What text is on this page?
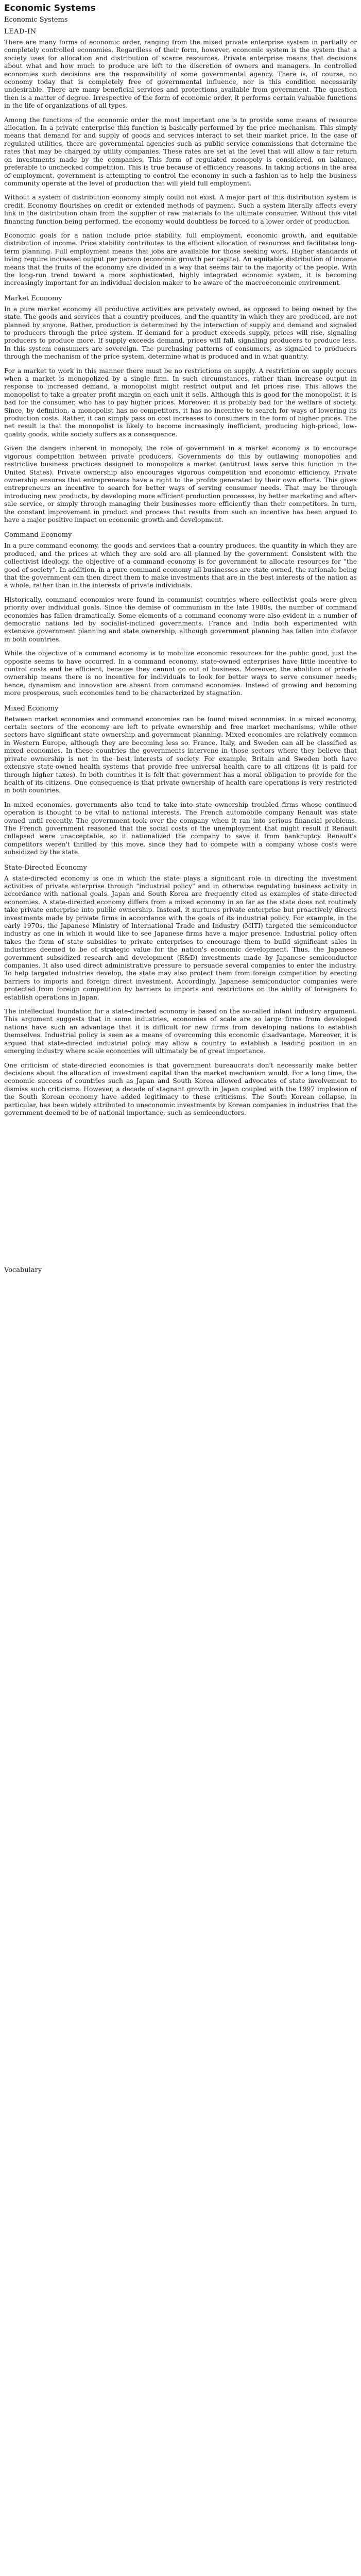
Economic Systems
Economic Systems
LEAD-IN

There are many forms of economic order, ranging from the mixed private enterprise system in partially or completely controlled economies. Regardless of their form, however, economic system is the system that a society uses for allocation and distribution of scarce resources. Private enterprise means that decisions about what and how much to produce are left to the discretion of owners and managers. In controlled economies such decisions are the responsibility of some governmental agency. There is, of course, no economy today that is completely free of governmental influence, nor is this condition necessarily undesirable. There are many beneficial services and protections available from government. The question then is a matter of degree. Irrespective of the form of economic order, it performs certain valuable functions in the life of organizations of all types.

Among the functions of the economic order the most important one is to provide some means of resource allocation. In a private enterprise this function is basically performed by the price mechanism. This simply means that demand for and supply of goods and services interact to set their market price. In the case of regulated utilities, there are governmental agencies such as public service commissions that determine the rates that may be charged by utility companies. These rates are set at the level that will allow a fair return on investments made by the companies. This form of regulated monopoly is considered, on balance, preferable to unchecked competition. This is true because of efficiency reasons. In taking actions in the area of employment, government is attempting to control the economy in such a fashion as to help the business community operate at the level of production that will yield full employment.

Without a system of distribution economy simply could not exist. A major part of this distribution system is credit. Economy flourishes on credit or extended methods of payment. Such a system literally affects every link in the distribution chain from the supplier of raw materials to the ultimate consumer. Without this vital financing function being performed, the economy would doubtless be forced to a lower order of production.

Economic goals for a nation include price stability, full employment, economic growth, and equitable distribution of income. Price stability contributes to the efficient allocation of resources and facilitates long-term planning. Full employment means that jobs are available for those seeking work. Higher standards of living require increased output per person (economic growth per capita). An equitable distribution of income means that the fruits of the economy are divided in a way that seems fair to the majority of the people. With the long-run trend toward a more sophisticated, highly integrated economic system, it is becoming increasingly important for an individual decision maker to be aware of the macroeconomic environment.

Market Economy

In a pure market economy all productive activities are privately owned, as opposed to being owned by the state. The goods and services that a country produces, and the quantity in which they are produced, are not planned by anyone. Rather, production is determined by the interaction of supply and demand and signaled to producers through the price system. If demand for a product exceeds supply, prices will rise, signaling producers to produce more. If supply exceeds demand, prices will fall, signaling producers to produce less. In this system consumers are sovereign. The purchasing patterns of consumers, as signaled to producers through the mechanism of the price system, determine what is produced and in what quantity.

For a market to work in this manner there must be no restrictions on supply. A restriction on supply occurs when a market is monopolized by a single firm. In such circumstances, rather than increase output in response to increased demand, a monopolist might restrict output and let prices rise. This allows the monopolist to take a greater profit margin on each unit it sells. Although this is good for the monopolist, it is bad for the consumer, who has to pay higher prices. Moreover, it is probably bad for the welfare of society. Since, by definition, a monopolist has no competitors, it has no incentive to search for ways of lowering its production costs. Rather, it can simply pass on cost increases to consumers in the form of higher prices. The net result is that the monopolist is likely to become increasingly inefficient, producing high-priced, low-quality goods, while society suffers as a consequence.

Given the dangers inherent in monopoly, the role of government in a market economy is to encourage vigorous competition between private producers. Governments do this by outlawing monopolies and restrictive business practices designed to monopolize a market (antitrust laws serve this function in the United States). Private ownership also encourages vigorous competition and economic efficiency. Private ownership ensures that entrepreneurs have a right to the profits generated by their own efforts. This gives entrepreneurs an incentive to search for better ways of serving consumer needs. That may be through introducing new products, by developing more efficient production processes, by better marketing and after-sale service, or simply through managing their businesses more efficiently than their competitors. In turn, the constant improvement in product and process that results from such an incentive has been argued to have a major positive impact on economic growth and development.

Command Economy

In a pure command economy, the goods and services that a country produces, the quantity in which they are produced, and the prices at which they are sold are all planned by the government. Consistent with the collectivist ideology, the objective of a command economy is for government to allocate resources for "the good of society". In addition, in a pure command economy all businesses are state owned, the rationale being that the government can then direct them to make investments that are in the best interests of the nation as a whole, rather than in the interests of private individuals.

Historically, command economies were found in communist countries where collectivist goals were given priority over individual goals. Since the demise of communism in the late 1980s, the number of command economies has fallen dramatically. Some elements of a command economy were also evident in a number of democratic nations led by socialist-inclined governments. France and India both experimented with extensive government planning and state ownership, although government planning has fallen into disfavor in both countries.

While the objective of a command economy is to mobilize economic resources for the public good, just the opposite seems to have occurred. In a command economy, state-owned enterprises have little incentive to control costs and be efficient, because they cannot go out of business. Moreover, the abolition of private ownership means there is no incentive for individuals to look for better ways to serve consumer needs; hence, dynamism and innovation are absent from command economies. Instead of growing and becoming more prosperous, such economies tend to be characterized by stagnation.

Mixed Economy

Between market economies and command economies can be found mixed economies. In a mixed economy, certain sectors of the economy are left to private ownership and free market mechanisms, while other sectors have significant state ownership and government planning. Mixed economies are relatively common in Western Europe, although they are becoming less so. France, Italy, and Sweden can all be classified as mixed economies. In these countries the governments intervene in those sectors where they believe that private ownership is not in the best interests of society. For example, Britain and Sweden both have extensive state-owned health systems that provide free universal health care to all citizens (it is paid for through higher taxes). In both countries it is felt that government has a moral obligation to provide for the health of its citizens. One consequence is that private ownership of health care operations is very restricted in both countries.

In mixed economies, governments also tend to take into state ownership troubled firms whose continued operation is thought to be vital to national interests. The French automobile company Renault was state owned until recently. The government took over the company when it ran into serious financial problems. The French government reasoned that the social costs of the unemployment that might result if Renault collapsed were unacceptable, so it nationalized the company to save it from bankruptcy. Renault's competitors weren't thrilled by this move, since they had to compete with a company whose costs were subsidized by the state.

State-Directed Economy

A state-directed economy is one in which the state plays a significant role in directing the investment activities of private enterprise through "industrial policy" and in otherwise regulating business activity in accordance with national goals. Japan and South Korea are frequently cited as examples of state-directed economies. A state-directed economy differs from a mixed economy in so far as the state does not routinely take private enterprise into public ownership. Instead, it nurtures private enterprise but proactively directs investments made by private firms in accordance with the goals of its industrial policy. For example, in the early 1970s, the Japanese Ministry of International Trade and Industry (MITI) targeted the semiconductor industry as one in which it would like to see Japanese firms have a major presence. Industrial policy often takes the form of state subsidies to private enterprises to encourage them to build significant sales in industries deemed to be of strategic value for the nation's economic development. Thus, the Japanese government subsidized research and development (R&D) investments made by Japanese semiconductor companies. It also used direct administrative pressure to persuade several companies to enter the industry. To help targeted industries develop, the state may also protect them from foreign competition by erecting barriers to imports and foreign direct investment. Accordingly, Japanese semiconductor companies were protected from foreign competition by barriers to imports and restrictions on the ability of foreigners to establish operations in Japan.

The intellectual foundation for a state-directed economy is based on the so-called infant industry argument. This argument suggests that in some industries, economies of scale are so large firms from developed nations have such an advantage that it is difficult for new firms from developing nations to establish themselves. Industrial policy is seen as a means of overcoming this economic disadvantage. Moreover, it is argued that state-directed industrial policy may allow a country to establish a leading position in an emerging industry where scale economies will ultimately be of great importance.

One criticism of state-directed economies is that government bureaucrats don't necessarily make better decisions about the allocation of investment capital than the market mechanism would. For a long time, the economic success of countries such as Japan and South Korea allowed advocates of state involvement to dismiss such criticisms. However, a decade of stagnant growth in Japan coupled with the 1997 implosion of the South Korean economy have added legitimacy to these criticisms. The South Korean collapse, in particular, has been widely attributed to uneconomic investments by Korean companies in industries that the government deemed to be of national importance, such as semiconductors.

Vocabulary
